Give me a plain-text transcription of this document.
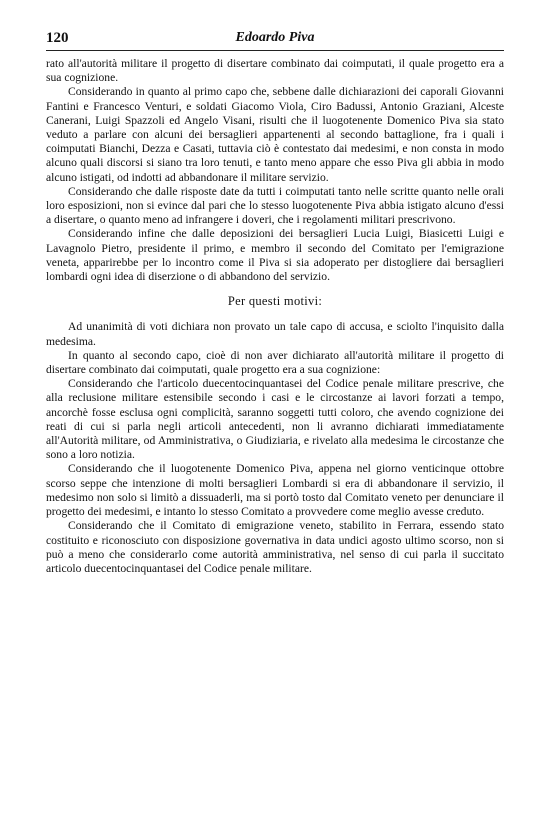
120	Edoardo Piva

rato all'autorità militare il progetto di disertare combinato dai coimputati, il quale progetto era a sua cognizione.

Considerando in quanto al primo capo che, sebbene dalle dichiarazioni dei caporali Giovanni Fantini e Francesco Venturi, e soldati Giacomo Viola, Ciro Badussi, Antonio Graziani, Alceste Canerani, Luigi Spazzoli ed Angelo Visani, risulti che il luogotenente Domenico Piva sia stato veduto a parlare con alcuni dei bersaglieri appartenenti al secondo battaglione, fra i quali i coimputati Bianchi, Dezza e Casati, tuttavia ciò è contestato dai medesimi, e non consta in modo alcuno quali discorsi si siano tra loro tenuti, e tanto meno appare che esso Piva gli abbia in modo alcuno istigati, od indotti ad abbandonare il militare servizio.

Considerando che dalle risposte date da tutti i coimputati tanto nelle scritte quanto nelle orali loro esposizioni, non si evince dal pari che lo stesso luogotenente Piva abbia istigato alcuno d'essi a disertare, o quanto meno ad infrangere i doveri, che i regolamenti militari prescrivono.

Considerando infine che dalle deposizioni dei bersaglieri Lucia Luigi, Biasicetti Luigi e Lavagnolo Pietro, presidente il primo, e membro il secondo del Comitato per l'emigrazione veneta, apparirebbe per lo incontro come il Piva si sia adoperato per distogliere dai bersaglieri lombardi ogni idea di diserzione o di abbandono del servizio.

Per questi motivi:

Ad unanimità di voti dichiara non provato un tale capo di accusa, e sciolto l'inquisito dalla medesima.

In quanto al secondo capo, cioè di non aver dichiarato all'autorità militare il progetto di disertare combinato dai coimputati, quale progetto era a sua cognizione:

Considerando che l'articolo duecentocinquantasei del Codice penale militare prescrive, che alla reclusione militare estensibile secondo i casi e le circostanze ai lavori forzati a tempo, ancorchè fosse esclusa ogni complicità, saranno soggetti tutti coloro, che avendo cognizione dei reati di cui si parla negli articoli antecedenti, non li avranno dichiarati immediatamente all'Autorità militare, od Amministrativa, o Giudiziaria, e rivelato alla medesima le circostanze che sono a loro notizia.

Considerando che il luogotenente Domenico Piva, appena nel giorno venticinque ottobre scorso seppe che intenzione di molti bersaglieri Lombardi si era di abbandonare il servizio, il medesimo non solo si limitò a dissuaderli, ma si portò tosto dal Comitato veneto per denunciare il progetto dei medesimi, e intanto lo stesso Comitato a provvedere come meglio avesse creduto.

Considerando che il Comitato di emigrazione veneto, stabilito in Ferrara, essendo stato costituito e riconosciuto con disposizione governativa in data undici agosto ultimo scorso, non si può a meno che considerarlo come autorità amministrativa, nel senso di cui parla il succitato articolo duecentocinquantasei del Codice penale militare.
